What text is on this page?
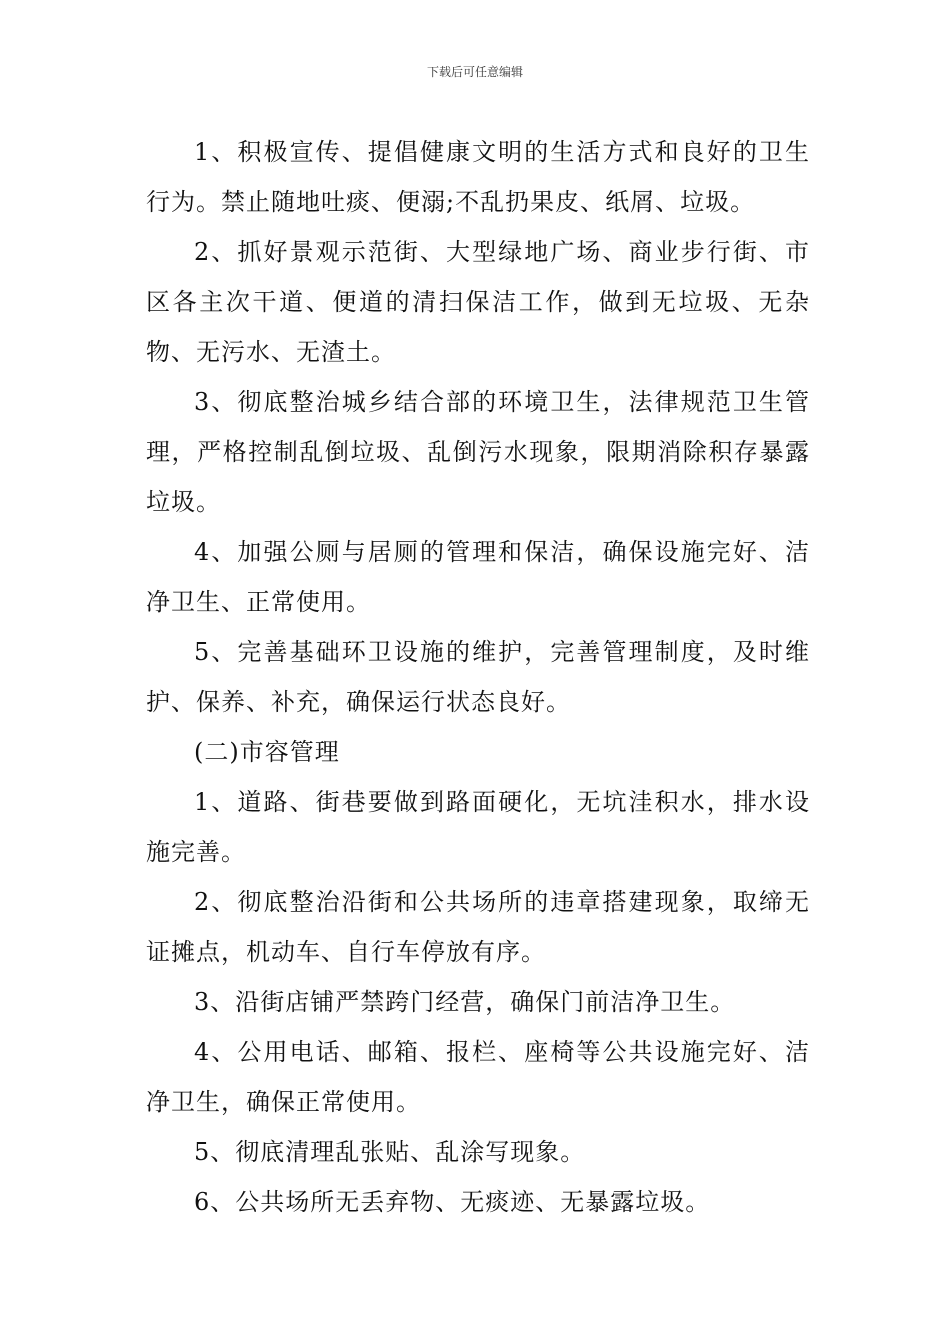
下载后可任意编辑

1、积极宣传、提倡健康文明的生活方式和良好的卫生行为。禁止随地吐痰、便溺;不乱扔果皮、纸屑、垃圾。

2、抓好景观示范街、大型绿地广场、商业步行街、市区各主次干道、便道的清扫保洁工作，做到无垃圾、无杂物、无污水、无渣土。

3、彻底整治城乡结合部的环境卫生，法律规范卫生管理，严格控制乱倒垃圾、乱倒污水现象，限期消除积存暴露垃圾。

4、加强公厕与居厕的管理和保洁，确保设施完好、洁净卫生、正常使用。

5、完善基础环卫设施的维护，完善管理制度，及时维护、保养、补充，确保运行状态良好。

(二)市容管理

1、道路、街巷要做到路面硬化，无坑洼积水，排水设施完善。

2、彻底整治沿街和公共场所的违章搭建现象，取缔无证摊点，机动车、自行车停放有序。

3、沿街店铺严禁跨门经营，确保门前洁净卫生。

4、公用电话、邮箱、报栏、座椅等公共设施完好、洁净卫生，确保正常使用。

5、彻底清理乱张贴、乱涂写现象。

6、公共场所无丢弃物、无痰迹、无暴露垃圾。
